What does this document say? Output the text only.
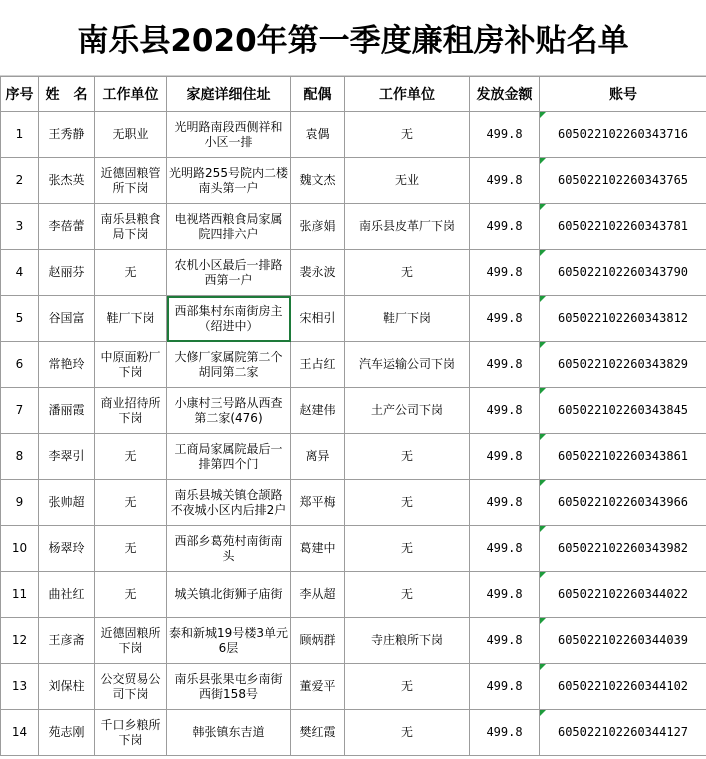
南乐县2020年第一季度廉租房补贴名单
序号	姓　名	工作单位	家庭详细住址	配偶	工作单位	发放金额	账号
1	王秀静	无职业	光明路南段西侧祥和小区一排	袁偶	无	499.8	605022102260343716
2	张杰英	近德固粮管所下岗	光明路255号院内二楼南头第一户	魏文杰	无业	499.8	605022102260343765
3	李蓓蕾	南乐县粮食局下岗	电视塔西粮食局家属院四排六户	张彦娟	南乐县皮革厂下岗	499.8	605022102260343781
4	赵丽芬	无	农机小区最后一排路西第一户	裴永波	无	499.8	605022102260343790
5	谷国富	鞋厂下岗	西部集村东南街房主（绍进中）	宋相引	鞋厂下岗	499.8	605022102260343812
6	常艳玲	中原面粉厂下岗	大修厂家属院第二个胡同第二家	王占红	汽车运输公司下岗	499.8	605022102260343829
7	潘丽霞	商业招待所下岗	小康村三号路从西查第二家(476)	赵建伟	土产公司下岗	499.8	605022102260343845
8	李翠引	无	工商局家属院最后一排第四个门	离异	无	499.8	605022102260343861
9	张帅超	无	南乐县城关镇仓颉路不夜城小区内后排2户	郑平梅	无	499.8	605022102260343966
10	杨翠玲	无	西部乡葛苑村南街南头	葛建中	无	499.8	605022102260343982
11	曲社红	无	城关镇北街狮子庙街	李从超	无	499.8	605022102260344022
12	王彦斋	近德固粮所下岗	泰和新城19号楼3单元6层	顾炳群	寺庄粮所下岗	499.8	605022102260344039
13	刘保柱	公交贸易公司下岗	南乐县张果屯乡南街西街158号	董爱平	无	499.8	605022102260344102
14	苑志刚	千口乡粮所下岗	韩张镇东吉道	樊红霞	无	499.8	605022102260344127
